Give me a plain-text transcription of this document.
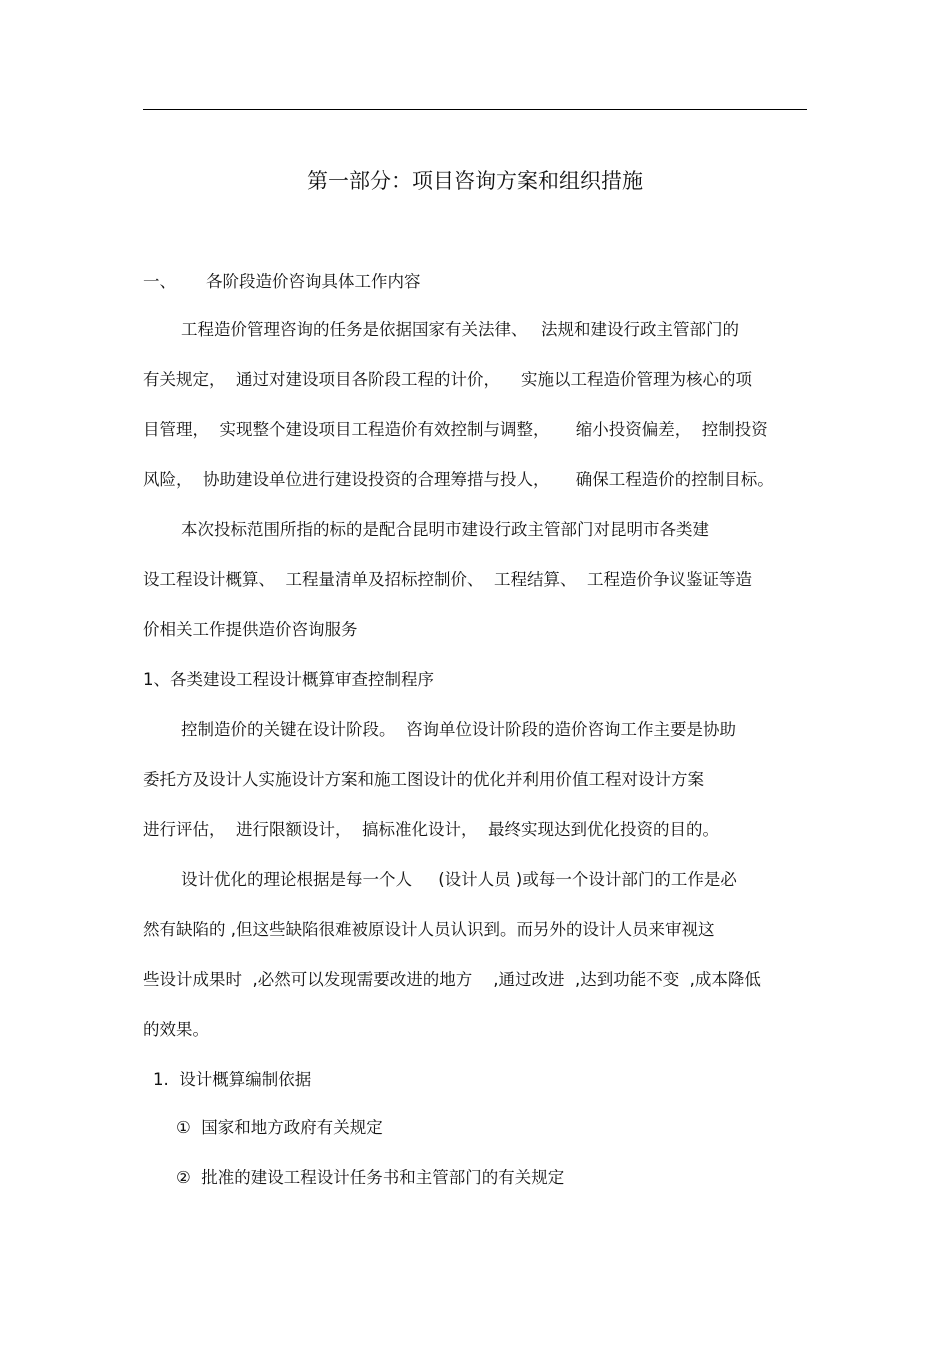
第一部分：项目咨询方案和组织措施
一、　　 各阶段造价咨询具体工作内容
工程造价管理咨询的任务是依据国家有关法律、　 法规和建设行政主管部门的
有关规定，  通过对建设项目各阶段工程的计价，    实施以工程造价管理为核心的项
目管理，  实现整个建设项目工程造价有效控制与调整，     缩小投资偏差，  控制投资
风险，  协助建设单位进行建设投资的合理筹措与投人，     确保工程造价的控制目标。
本次投标范围所指的标的是配合昆明市建设行政主管部门对昆明市各类建
设工程设计概算、  工程量清单及招标控制价、  工程结算、  工程造价争议鉴证等造
价相关工作提供造价咨询服务
1、各类建设工程设计概算审查控制程序
控制造价的关键在设计阶段。  咨询单位设计阶段的造价咨询工作主要是协助
委托方及设计人实施设计方案和施工图设计的优化并利用价值工程对设计方案
进行评估，  进行限额设计，  搞标准化设计，  最终实现达到优化投资的目的。
设计优化的理论根据是每一个人     (设计人员 )或每一个设计部门的工作是必
然有缺陷的 ,但这些缺陷很难被原设计人员认识到。而另外的设计人员来审视这
些设计成果时  ,必然可以发现需要改进的地方    ,通过改进  ,达到功能不变  ,成本降低
的效果。
1.  设计概算编制依据
①  国家和地方政府有关规定
②  批准的建设工程设计任务书和主管部门的有关规定
